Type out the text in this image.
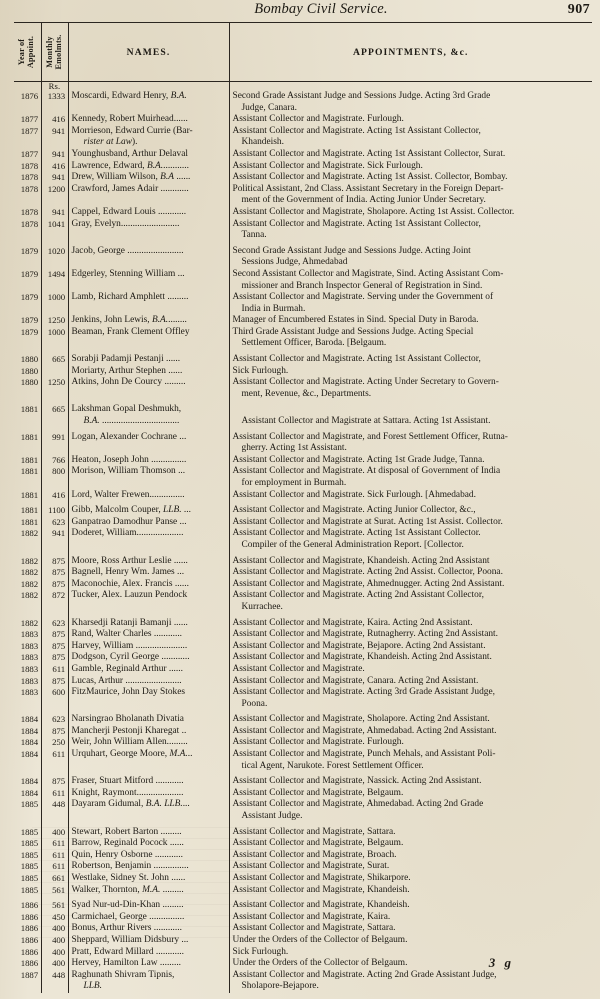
Bombay Civil Service.	907
Year of Appoint.	Monthly Emolmts.	NAMES.	APPOINTMENTS, &c.
	Rs.		
1876	1333	Moscardi, Edward Henry, B.A.	Second Grade Assistant Judge and Sessions Judge. Acting 3rd Grade
Judge, Canara.

1877	416	Kennedy, Robert Muirhead......	Assistant Collector and Magistrate. Furlough.

1877	941	Morrieson, Edward Currie (Bar-
rister at Law).	Assistant Collector and Magistrate. Acting 1st Assistant Collector,
Khandeish.

1877	941	Younghusband, Arthur Delaval	Assistant Collector and Magistrate. Acting 1st Assistant Collector, Surat.

1878	416	Lawrence, Edward, B.A............	Assistant Collector and Magistrate. Sick Furlough.

1878	941	Drew, William Wilson, B.A ......	Assistant Collector and Magistrate. Acting 1st Assist. Collector, Bombay.

1878	1200	Crawford, James Adair ............	Political Assistant, 2nd Class. Assistant Secretary in the Foreign Depart-
ment of the Government of India. Acting Junior Under Secretary.

1878	941	Cappel, Edward Louis ............	Assistant Collector and Magistrate, Sholapore. Acting 1st Assist. Collector.

1878	1041	Gray, Evelyn.........................	Assistant Collector and Magistrate. Acting 1st Assistant Collector,
Tanna.

1879	1020	Jacob, George ........................	Second Grade Assistant Judge and Sessions Judge. Acting Joint
Sessions Judge, Ahmedabad

1879	1494	Edgerley, Stenning William ...	Second Assistant Collector and Magistrate, Sind. Acting Assistant Com-
missioner and Branch Inspector General of Registration in Sind.

1879	1000	Lamb, Richard Amphlett .........	Assistant Collector and Magistrate. Serving under the Government of
India in Burmah.

1879	1250	Jenkins, John Lewis, B.A.........	Manager of Encumbered Estates in Sind. Special Duty in Baroda.

1879	1000	Beaman, Frank Clement Offley	Third Grade Assistant Judge and Sessions Judge. Acting Special
Settlement Officer, Baroda. [Belgaum.

1880	665	Sorabji Padamji Pestanji ......	Assistant Collector and Magistrate. Acting 1st Assistant Collector,

1880		Moriarty, Arthur Stephen ......	Sick Furlough.

1880	1250	Atkins, John De Courcy .........	Assistant Collector and Magistrate. Acting Under Secretary to Govern-
ment, Revenue, &c., Departments.

1881	665	Lakshman Gopal Deshmukh,
B.A. .................................	Assistant Collector and Magistrate at Sattara. Acting 1st Assistant.

1881	991	Logan, Alexander Cochrane ...	Assistant Collector and Magistrate, and Forest Settlement Officer, Rutna-
gherry. Acting 1st Assistant.

1881	766	Heaton, Joseph John ...............	Assistant Collector and Magistrate. Acting 1st Grade Judge, Tanna.

1881	800	Morison, William Thomson ...	Assistant Collector and Magistrate. At disposal of Government of India
for employment in Burmah.

1881	416	Lord, Walter Frewen...............	Assistant Collector and Magistrate. Sick Furlough. [Ahmedabad.

1881	1100	Gibb, Malcolm Couper, LLB. ...	Assistant Collector and Magistrate. Acting Junior Collector, &c.,

1881	623	Ganpatrao Damodhur Panse ...	Assistant Collector and Magistrate at Surat. Acting 1st Assist. Collector.

1882	941	Doderet, William....................	Assistant Collector and Magistrate. Acting 1st Assistant Collector.
Compiler of the General Administration Report. [Collector.

1882	875	Moore, Ross Arthur Leslie ......	Assistant Collector and Magistrate, Khandeish. Acting 2nd Assistant

1882	875	Bagnell, Henry Wm. James ...	Assistant Collector and Magistrate. Acting 2nd Assist. Collector, Poona.

1882	875	Maconochie, Alex. Francis ......	Assistant Collector and Magistrate, Ahmednugger. Acting 2nd Assistant.

1882	872	Tucker, Alex. Lauzun Pendock	Assistant Collector and Magistrate. Acting 2nd Assistant Collector,
Kurrachee.

1882	623	Kharsedji Ratanji Bamanji ......	Assistant Collector and Magistrate, Kaira. Acting 2nd Assistant.

1883	875	Rand, Walter Charles ............	Assistant Collector and Magistrate, Rutnagherry. Acting 2nd Assistant.

1883	875	Harvey, William ......................	Assistant Collector and Magistrate, Bejapore. Acting 2nd Assistant.

1883	875	Dodgson, Cyril George ............	Assistant Collector and Magistrate, Khandeish. Acting 2nd Assistant.

1883	611	Gamble, Reginald Arthur ......	Assistant Collector and Magistrate.

1883	875	Lucas, Arthur ........................	Assistant Collector and Magistrate, Canara. Acting 2nd Assistant.

1883	600	FitzMaurice, John Day Stokes	Assistant Collector and Magistrate. Acting 3rd Grade Assistant Judge,
Poona.

1884	623	Narsingrao Bholanath Divatia	Assistant Collector and Magistrate, Sholapore. Acting 2nd Assistant.

1884	875	Mancherji Pestonji Kharegat ..	Assistant Collector and Magistrate, Ahmedabad. Acting 2nd Assistant.

1884	250	Weir, John William Allen.........	Assistant Collector and Magistrate. Furlough.

1884	611	Urquhart, George Moore, M.A...	Assistant Collector and Magistrate, Punch Mehals, and Assistant Poli-
tical Agent, Narukote. Forest Settlement Officer.

1884	875	Fraser, Stuart Mitford ............	Assistant Collector and Magistrate, Nassick. Acting 2nd Assistant.

1884	611	Knight, Raymont....................	Assistant Collector and Magistrate, Belgaum.

1885	448	Dayaram Gidumal, B.A. LLB....	Assistant Collector and Magistrate, Ahmedabad. Acting 2nd Grade
Assistant Judge.

1885	400	Stewart, Robert Barton .........	Assistant Collector and Magistrate, Sattara.

1885	611	Barrow, Reginald Pocock ......	Assistant Collector and Magistrate, Belgaum.

1885	611	Quin, Henry Osborne ............	Assistant Collector and Magistrate, Broach.

1885	611	Robertson, Benjamin ...............	Assistant Collector and Magistrate, Surat.

1885	661	Westlake, Sidney St. John ......	Assistant Collector and Magistrate, Shikarpore.

1885	561	Walker, Thornton, M.A. .........	Assistant Collector and Magistrate, Khandeish.

1886	561	Syad Nur-ud-Din-Khan .........	Assistant Collector and Magistrate, Khandeish.

1886	450	Carmichael, George ...............	Assistant Collector and Magistrate, Kaira.

1886	400	Bonus, Arthur Rivers ............	Assistant Collector and Magistrate, Sattara.

1886	400	Sheppard, William Didsbury ...	Under the Orders of the Collector of Belgaum.

1886	400	Pratt, Edward Millard ............	Sick Furlough.

1886	400	Hervey, Hamilton Law .........	Under the Orders of the Collector of Belgaum.

1887	448	Raghunath Shivram Tipnis,
LLB.	Assistant Collector and Magistrate. Acting 2nd Grade Assistant Judge,
Sholapore-Bejapore.
3 g
